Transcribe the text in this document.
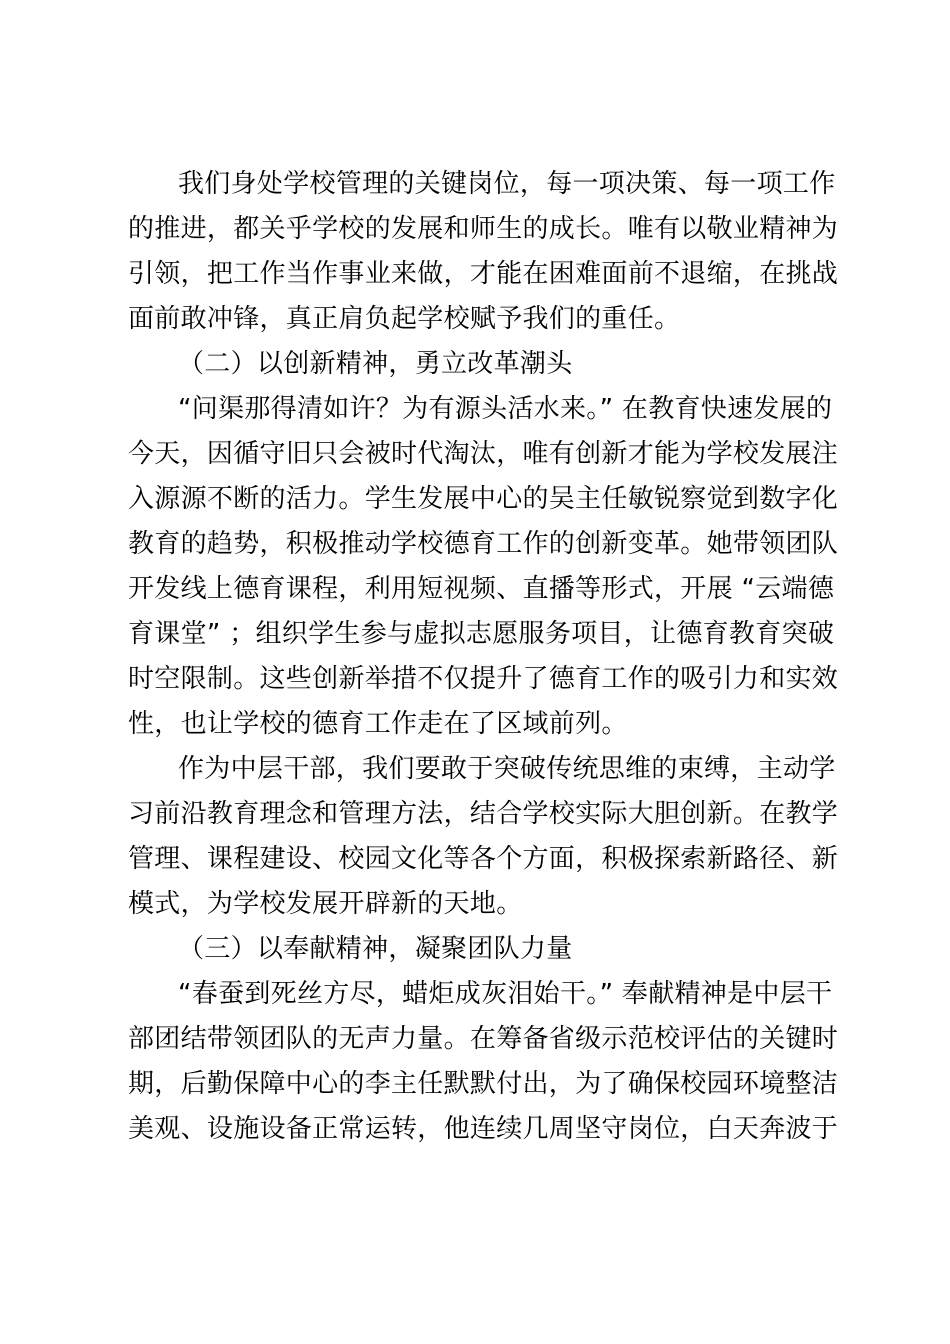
我们身处学校管理的关键岗位，每一项决策、每一项工作
的推进，都关乎学校的发展和师生的成长。唯有以敬业精神为
引领，把工作当作事业来做，才能在困难面前不退缩，在挑战
面前敢冲锋，真正肩负起学校赋予我们的重任。
（二）以创新精神，勇立改革潮头
“问渠那得清如许？为有源头活水来。” 在教育快速发展的
今天，因循守旧只会被时代淘汰，唯有创新才能为学校发展注
入源源不断的活力。学生发展中心的吴主任敏锐察觉到数字化
教育的趋势，积极推动学校德育工作的创新变革。她带领团队
开发线上德育课程，利用短视频、直播等形式，开展 “云端德
育课堂” ；组织学生参与虚拟志愿服务项目，让德育教育突破
时空限制。这些创新举措不仅提升了德育工作的吸引力和实效
性，也让学校的德育工作走在了区域前列。
作为中层干部，我们要敢于突破传统思维的束缚，主动学
习前沿教育理念和管理方法，结合学校实际大胆创新。在教学
管理、课程建设、校园文化等各个方面，积极探索新路径、新
模式，为学校发展开辟新的天地。
（三）以奉献精神，凝聚团队力量
“春蚕到死丝方尽，蜡炬成灰泪始干。” 奉献精神是中层干
部团结带领团队的无声力量。在筹备省级示范校评估的关键时
期，后勤保障中心的李主任默默付出，为了确保校园环境整洁
美观、设施设备正常运转，他连续几周坚守岗位，白天奔波于
